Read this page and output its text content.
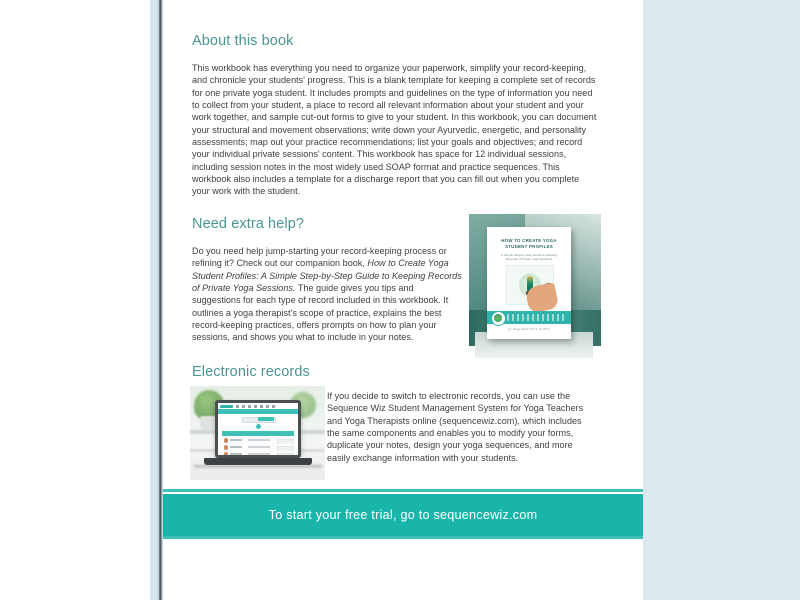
About this book

This workbook has everything you need to organize your paperwork, simplify your record-keeping, and chronicle your students' progress. This is a blank template for keeping a complete set of records for one private yoga student. It includes prompts and guidelines on the type of information you need to collect from your student, a place to record all relevant information about your student and your work together, and sample cut-out forms to give to your student. In this workbook, you can document your structural and movement observations; write down your Ayurvedic, energetic, and personality assessments; map out your practice recommendations; list your goals and objectives; and record your individual private sessions' content. This workbook has space for 12 individual sessions, including session notes in the most widely used SOAP format and practice sequences. This workbook also includes a template for a discharge report that you can fill out when you complete your work with the student.

Need extra help?

Do you need help jump-starting your record-keeping process or refining it? Check out our companion book, How to Create Yoga Student Profiles: A Simple Step-by-Step Guide to Keeping Records of Private Yoga Sessions. The guide gives you tips and suggestions for each type of record included in this workbook. It outlines a yoga therapist's scope of practice, explains the best record-keeping practices, offers prompts on how to plan your sessions, and shows you what to include in your notes.

HOW TO CREATE YOGA STUDENT PROFILES
A Simple Step-by-Step Guide to Keeping Records of Private Yoga Sessions
by Olga Kabel RYT, C-IAYT
Electronic records

If you decide to switch to electronic records, you can use the Sequence Wiz Student Management System for Yoga Teachers and Yoga Therapists online (sequencewiz.com), which includes the same components and enables you to modify your forms, duplicate your notes, design your yoga sequences, and more easily exchange information with your students.

To start your free trial, go to sequencewiz.com
